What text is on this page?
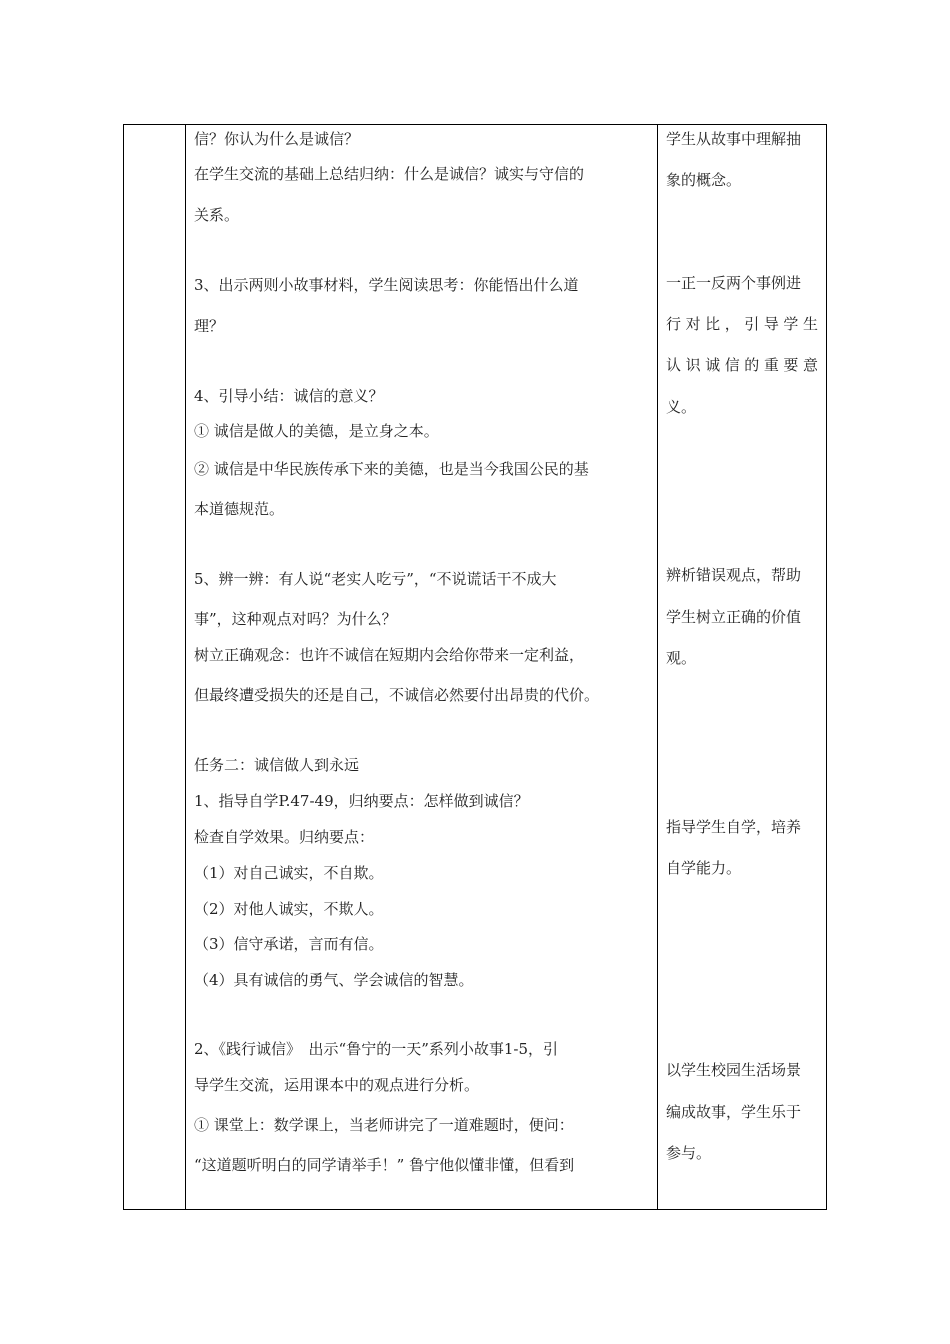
信？你认为什么是诚信？
在学生交流的基础上总结归纳：什么是诚信？诚实与守信的
关系。
3、出示两则小故事材料，学生阅读思考：你能悟出什么道
理？
4、引导小结：诚信的意义？
① 诚信是做人的美德，是立身之本。
② 诚信是中华民族传承下来的美德，也是当今我国公民的基
本道德规范。
5、辨一辨：有人说“老实人吃亏”，“不说谎话干不成大
事”，这种观点对吗？为什么？
树立正确观念：也许不诚信在短期内会给你带来一定利益，
但最终遭受损失的还是自己，不诚信必然要付出昂贵的代价。
任务二：诚信做人到永远
1、指导自学P.47-49，归纳要点：怎样做到诚信？
检查自学效果。归纳要点：
（1）对自己诚实，不自欺。
（2）对他人诚实，不欺人。
（3）信守承诺，言而有信。
（4）具有诚信的勇气、学会诚信的智慧。
2、《践行诚信》　出示“鲁宁的一天”系列小故事1-5，引
导学生交流，运用课本中的观点进行分析。
① 课堂上：数学课上，当老师讲完了一道难题时，便问：
“这道题听明白的同学请举手！” 鲁宁他似懂非懂，但看到
学生从故事中理解抽
象的概念。
一正一反两个事例进
行 对 比 ， 引 导 学 生
认 识 诚 信 的 重 要 意
义。
辨析错误观点，帮助
学生树立正确的价值
观。
指导学生自学，培养
自学能力。
以学生校园生活场景
编成故事，学生乐于
参与。
